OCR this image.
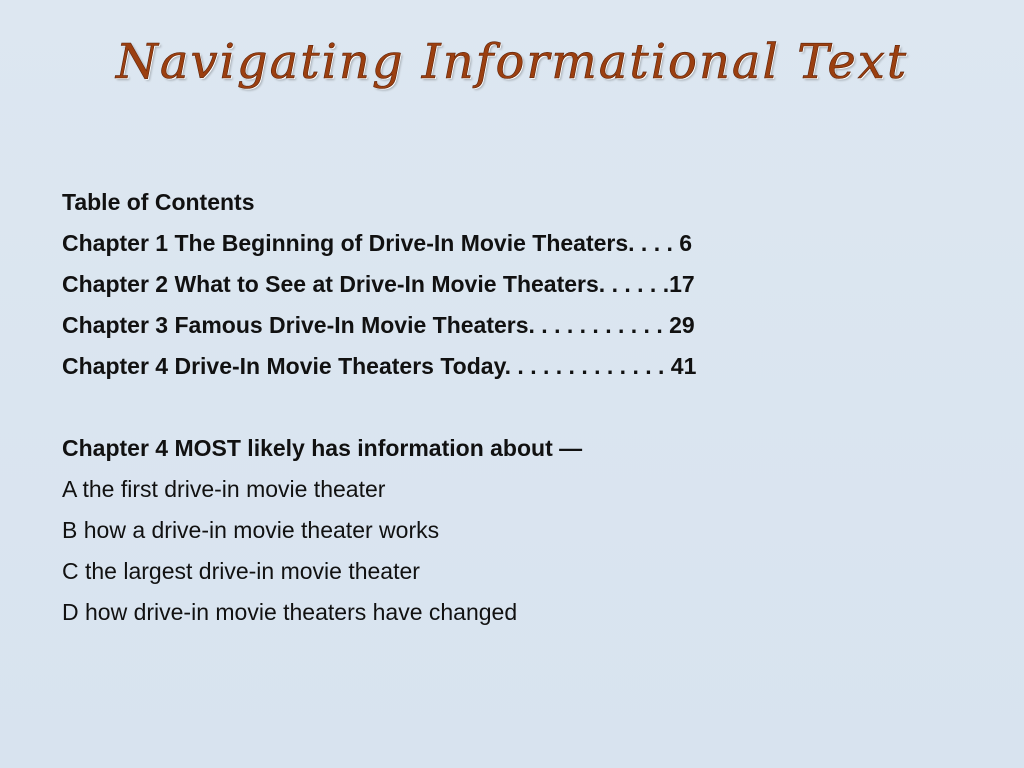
Navigating Informational Text
Table of Contents
Chapter 1 The Beginning of Drive-In Movie Theaters. . . . 6
Chapter 2 What to See at Drive-In Movie Theaters. . . . . .17
Chapter 3 Famous Drive-In Movie Theaters. . . . . . . . . . . 29
Chapter 4 Drive-In Movie Theaters Today. . . . . . . . . . . . . 41
Chapter 4 MOST likely has information about —
A the first drive-in movie theater
B how a drive-in movie theater works
C the largest drive-in movie theater
D how drive-in movie theaters have changed
